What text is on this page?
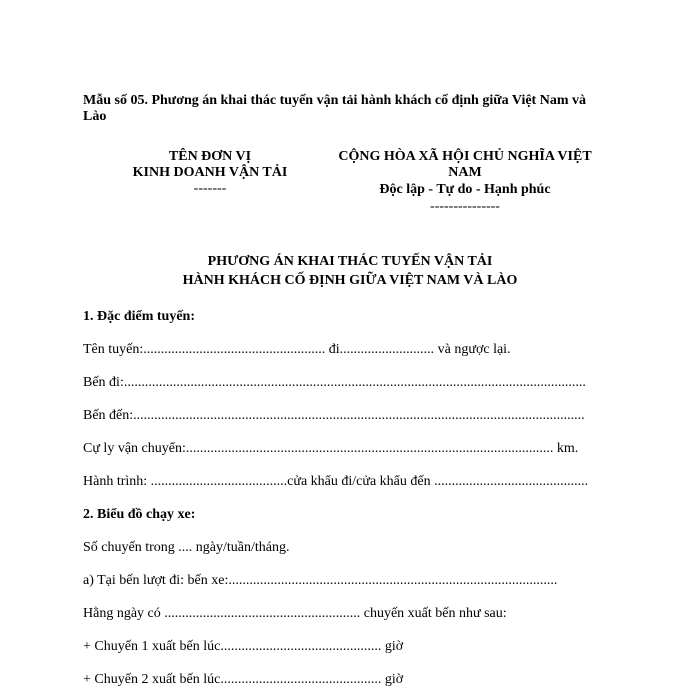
Mẫu số 05. Phương án khai thác tuyến vận tải hành khách cố định giữa Việt Nam và
Lào
TÊN ĐƠN VỊ
KINH DOANH VẬN TẢI
-------
CỘNG HÒA XÃ HỘI CHỦ NGHĨA VIỆT
NAM
Độc lập - Tự do - Hạnh phúc
---------------
PHƯƠNG ÁN KHAI THÁC TUYẾN VẬN TẢI
HÀNH KHÁCH CỐ ĐỊNH GIỮA VIỆT NAM VÀ LÀO
1. Đặc điểm tuyến:
Tên tuyến:.................................................... đi........................... và ngược lại.
Bến đi:....................................................................................................................................
Bến đến:.................................................................................................................................
Cự ly vận chuyển:......................................................................................................... km.
Hành trình: .......................................cửa khẩu đi/cửa khẩu đến ............................................
2. Biểu đồ chạy xe:
Số chuyến trong .... ngày/tuần/tháng.
a) Tại bến lượt đi: bến xe:..............................................................................................
Hằng ngày có ........................................................ chuyến xuất bến như sau:
+ Chuyến 1 xuất bến lúc.............................................. giờ
+ Chuyến 2 xuất bến lúc.............................................. giờ
